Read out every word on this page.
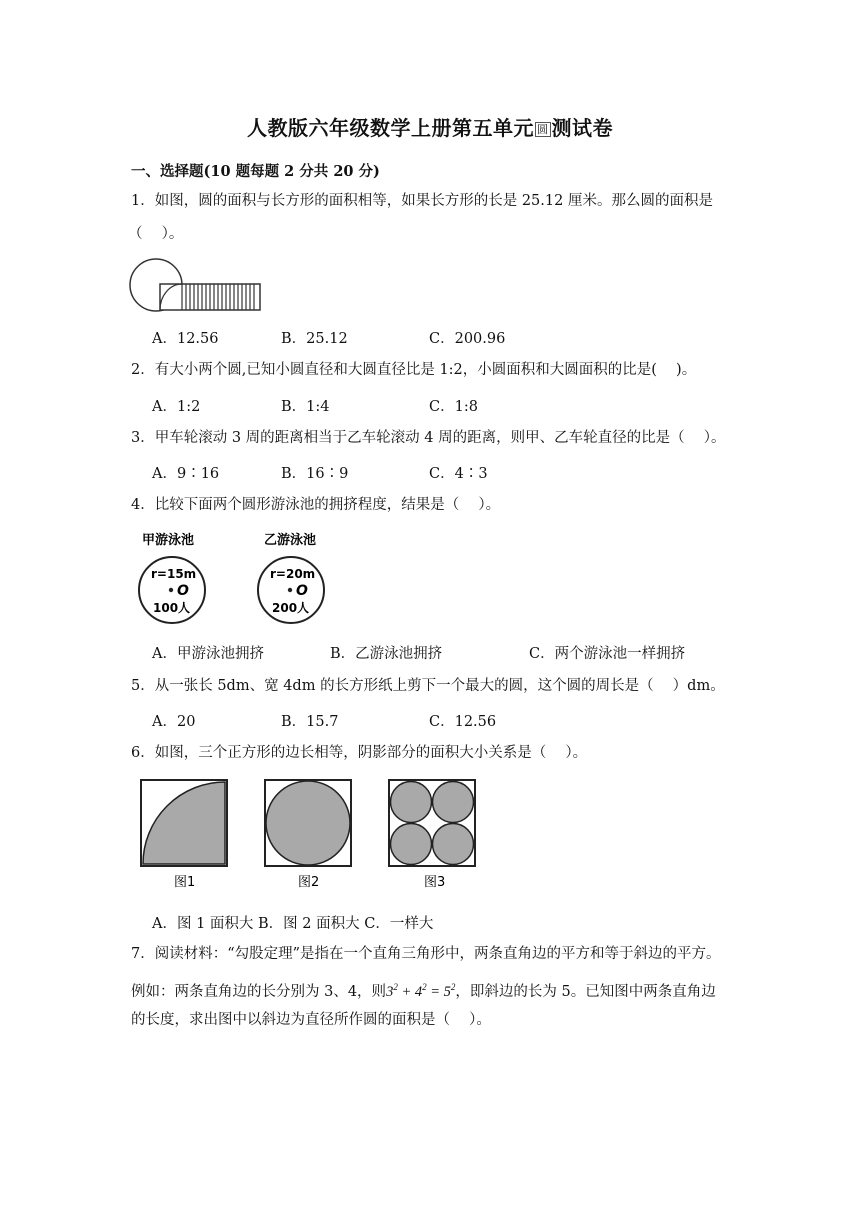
人教版六年级数学上册第五单元 圆 测试卷
一、选择题(10 题每题 2 分共 20 分)
1．如图，圆的面积与长方形的面积相等，如果长方形的长是 25.12 厘米。那么圆的面积是
（　 ）。
A．12.56	B．25.12	C．200.96
2．有大小两个圆,已知小圆直径和大圆直径比是 1:2，小圆面积和大圆面积的比是(　 )。
A．1:2	B．1:4	C．1:8
3．甲车轮滚动 3 周的距离相当于乙车轮滚动 4 周的距离，则甲、乙车轮直径的比是（　 ）。
A．9∶16	B．16∶9	C．4∶3
4．比较下面两个圆形游泳池的拥挤程度，结果是（　 ）。
甲游泳池
r=15m
O
100人
乙游泳池
r=20m
O
200人
A．甲游泳池拥挤	B．乙游泳池拥挤	C．两个游泳池一样拥挤
5．从一张长 5dm、宽 4dm 的长方形纸上剪下一个最大的圆，这个圆的周长是（　 ）dm。
A．20	B．15.7	C．12.56
6．如图，三个正方形的边长相等，阴影部分的面积大小关系是（　 ）。
图1	图2	图3
A．图 1 面积大 B．图 2 面积大 C．一样大
7．阅读材料：“勾股定理”是指在一个直角三角形中，两条直角边的平方和等于斜边的平方。
例如：两条直角边的长分别为 3、4，则$3^2 + 4^2 = 5^2$，即斜边的长为 5。已知图中两条直角边
的长度，求出图中以斜边为直径所作圆的面积是（　 ）。
